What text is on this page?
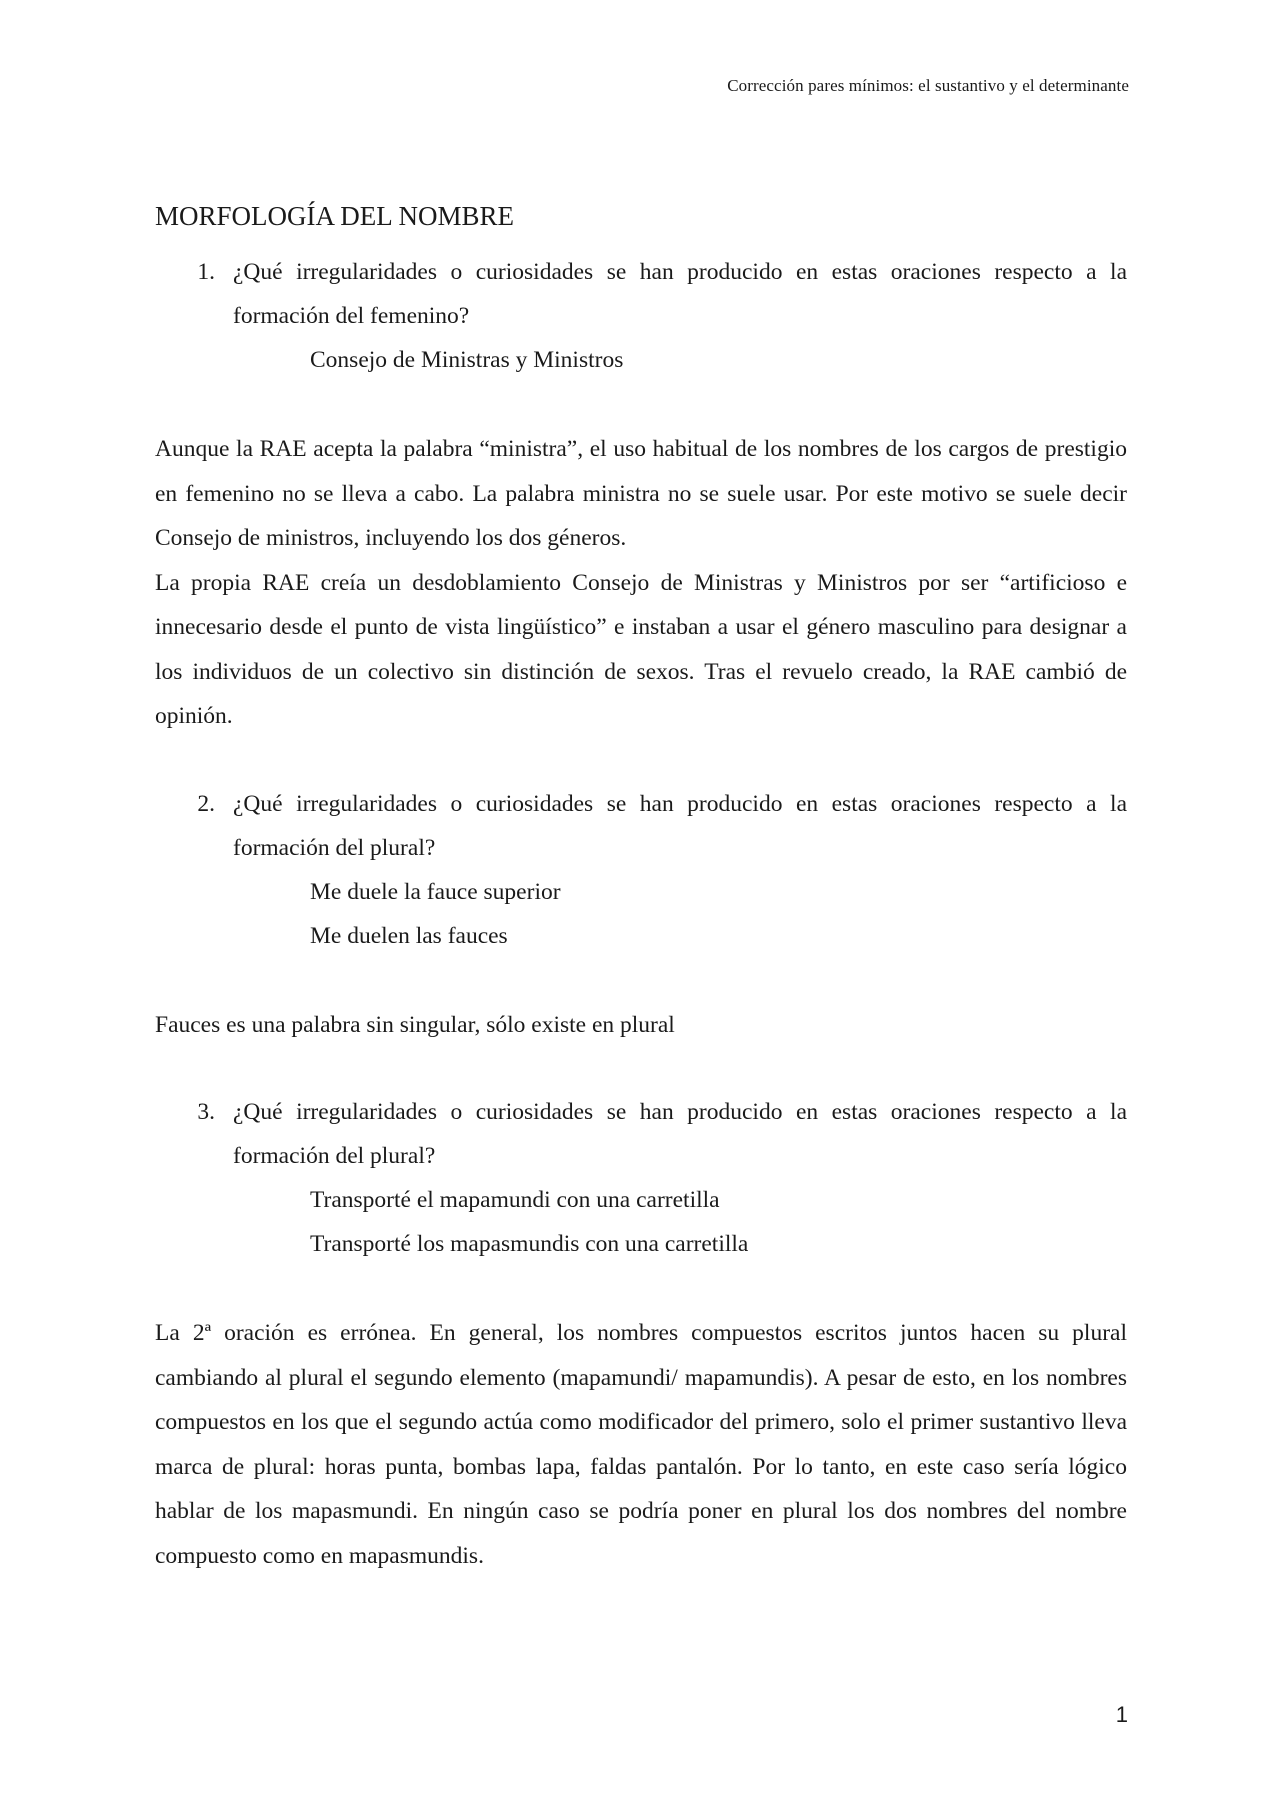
Corrección pares mínimos: el sustantivo y el determinante
MORFOLOGÍA DEL NOMBRE
1. ¿Qué irregularidades o curiosidades se han producido en estas oraciones respecto a la formación del femenino?
Consejo de Ministras y Ministros

Aunque la RAE acepta la palabra “ministra”, el uso habitual de los nombres de los cargos de prestigio en femenino no se lleva a cabo. La palabra ministra no se suele usar. Por este motivo se suele decir Consejo de ministros, incluyendo los dos géneros.

La propia RAE creía un desdoblamiento Consejo de Ministras y Ministros por ser “artificioso e innecesario desde el punto de vista lingüístico” e instaban a usar el género masculino para designar a los individuos de un colectivo sin distinción de sexos. Tras el revuelo creado, la RAE cambió de opinión.

2. ¿Qué irregularidades o curiosidades se han producido en estas oraciones respecto a la formación del plural?
Me duele la fauce superior
Me duelen las fauces

Fauces es una palabra sin singular, sólo existe en plural

3. ¿Qué irregularidades o curiosidades se han producido en estas oraciones respecto a la formación del plural?
Transporté el mapamundi con una carretilla
Transporté los mapasmundis con una carretilla

La 2ª oración es errónea. En general, los nombres compuestos escritos juntos hacen su plural cambiando al plural el segundo elemento (mapamundi/ mapamundis). A pesar de esto, en los nombres compuestos en los que el segundo actúa como modificador del primero, solo el primer sustantivo lleva marca de plural: horas punta, bombas lapa, faldas pantalón. Por lo tanto, en este caso sería lógico hablar de los mapasmundi. En ningún caso se podría poner en plural los dos nombres del nombre compuesto como en mapasmundis.

1
